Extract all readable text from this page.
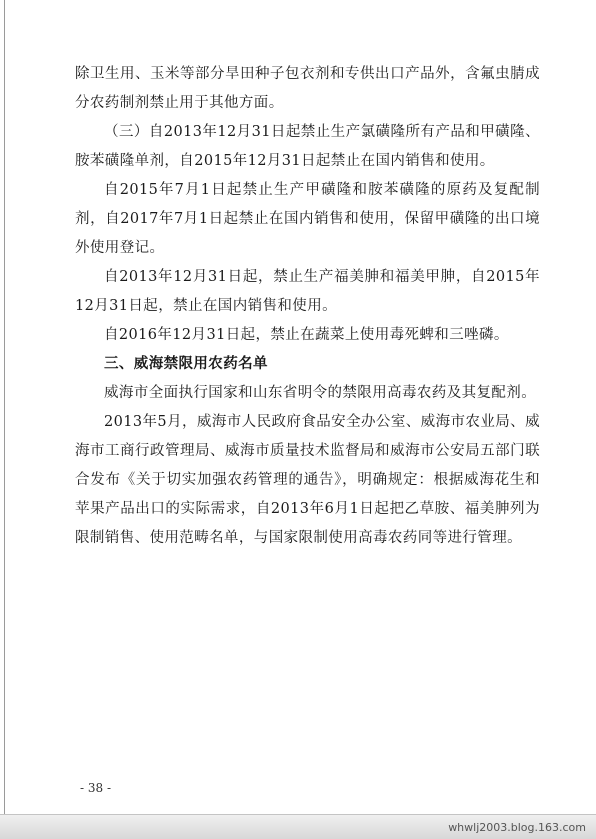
除卫生用、玉米等部分旱田种子包衣剂和专供出口产品外，含氟虫腈成分农药制剂禁止用于其他方面。

（三）自2013年12月31日起禁止生产氯磺隆所有产品和甲磺隆、胺苯磺隆单剂，自2015年12月31日起禁止在国内销售和使用。

自2015年7月1日起禁止生产甲磺隆和胺苯磺隆的原药及复配制剂，自2017年7月1日起禁止在国内销售和使用，保留甲磺隆的出口境外使用登记。

自2013年12月31日起，禁止生产福美胂和福美甲胂，自2015年12月31日起，禁止在国内销售和使用。

自2016年12月31日起，禁止在蔬菜上使用毒死蜱和三唑磷。

三、威海禁限用农药名单

威海市全面执行国家和山东省明令的禁限用高毒农药及其复配剂。

2013年5月，威海市人民政府食品安全办公室、威海市农业局、威海市工商行政管理局、威海市质量技术监督局和威海市公安局五部门联合发布《关于切实加强农药管理的通告》，明确规定：根据威海花生和苹果产品出口的实际需求，自2013年6月1日起把乙草胺、福美胂列为限制销售、使用范畴名单，与国家限制使用高毒农药同等进行管理。

- 38 -
whwlj2003.blog.163.com
